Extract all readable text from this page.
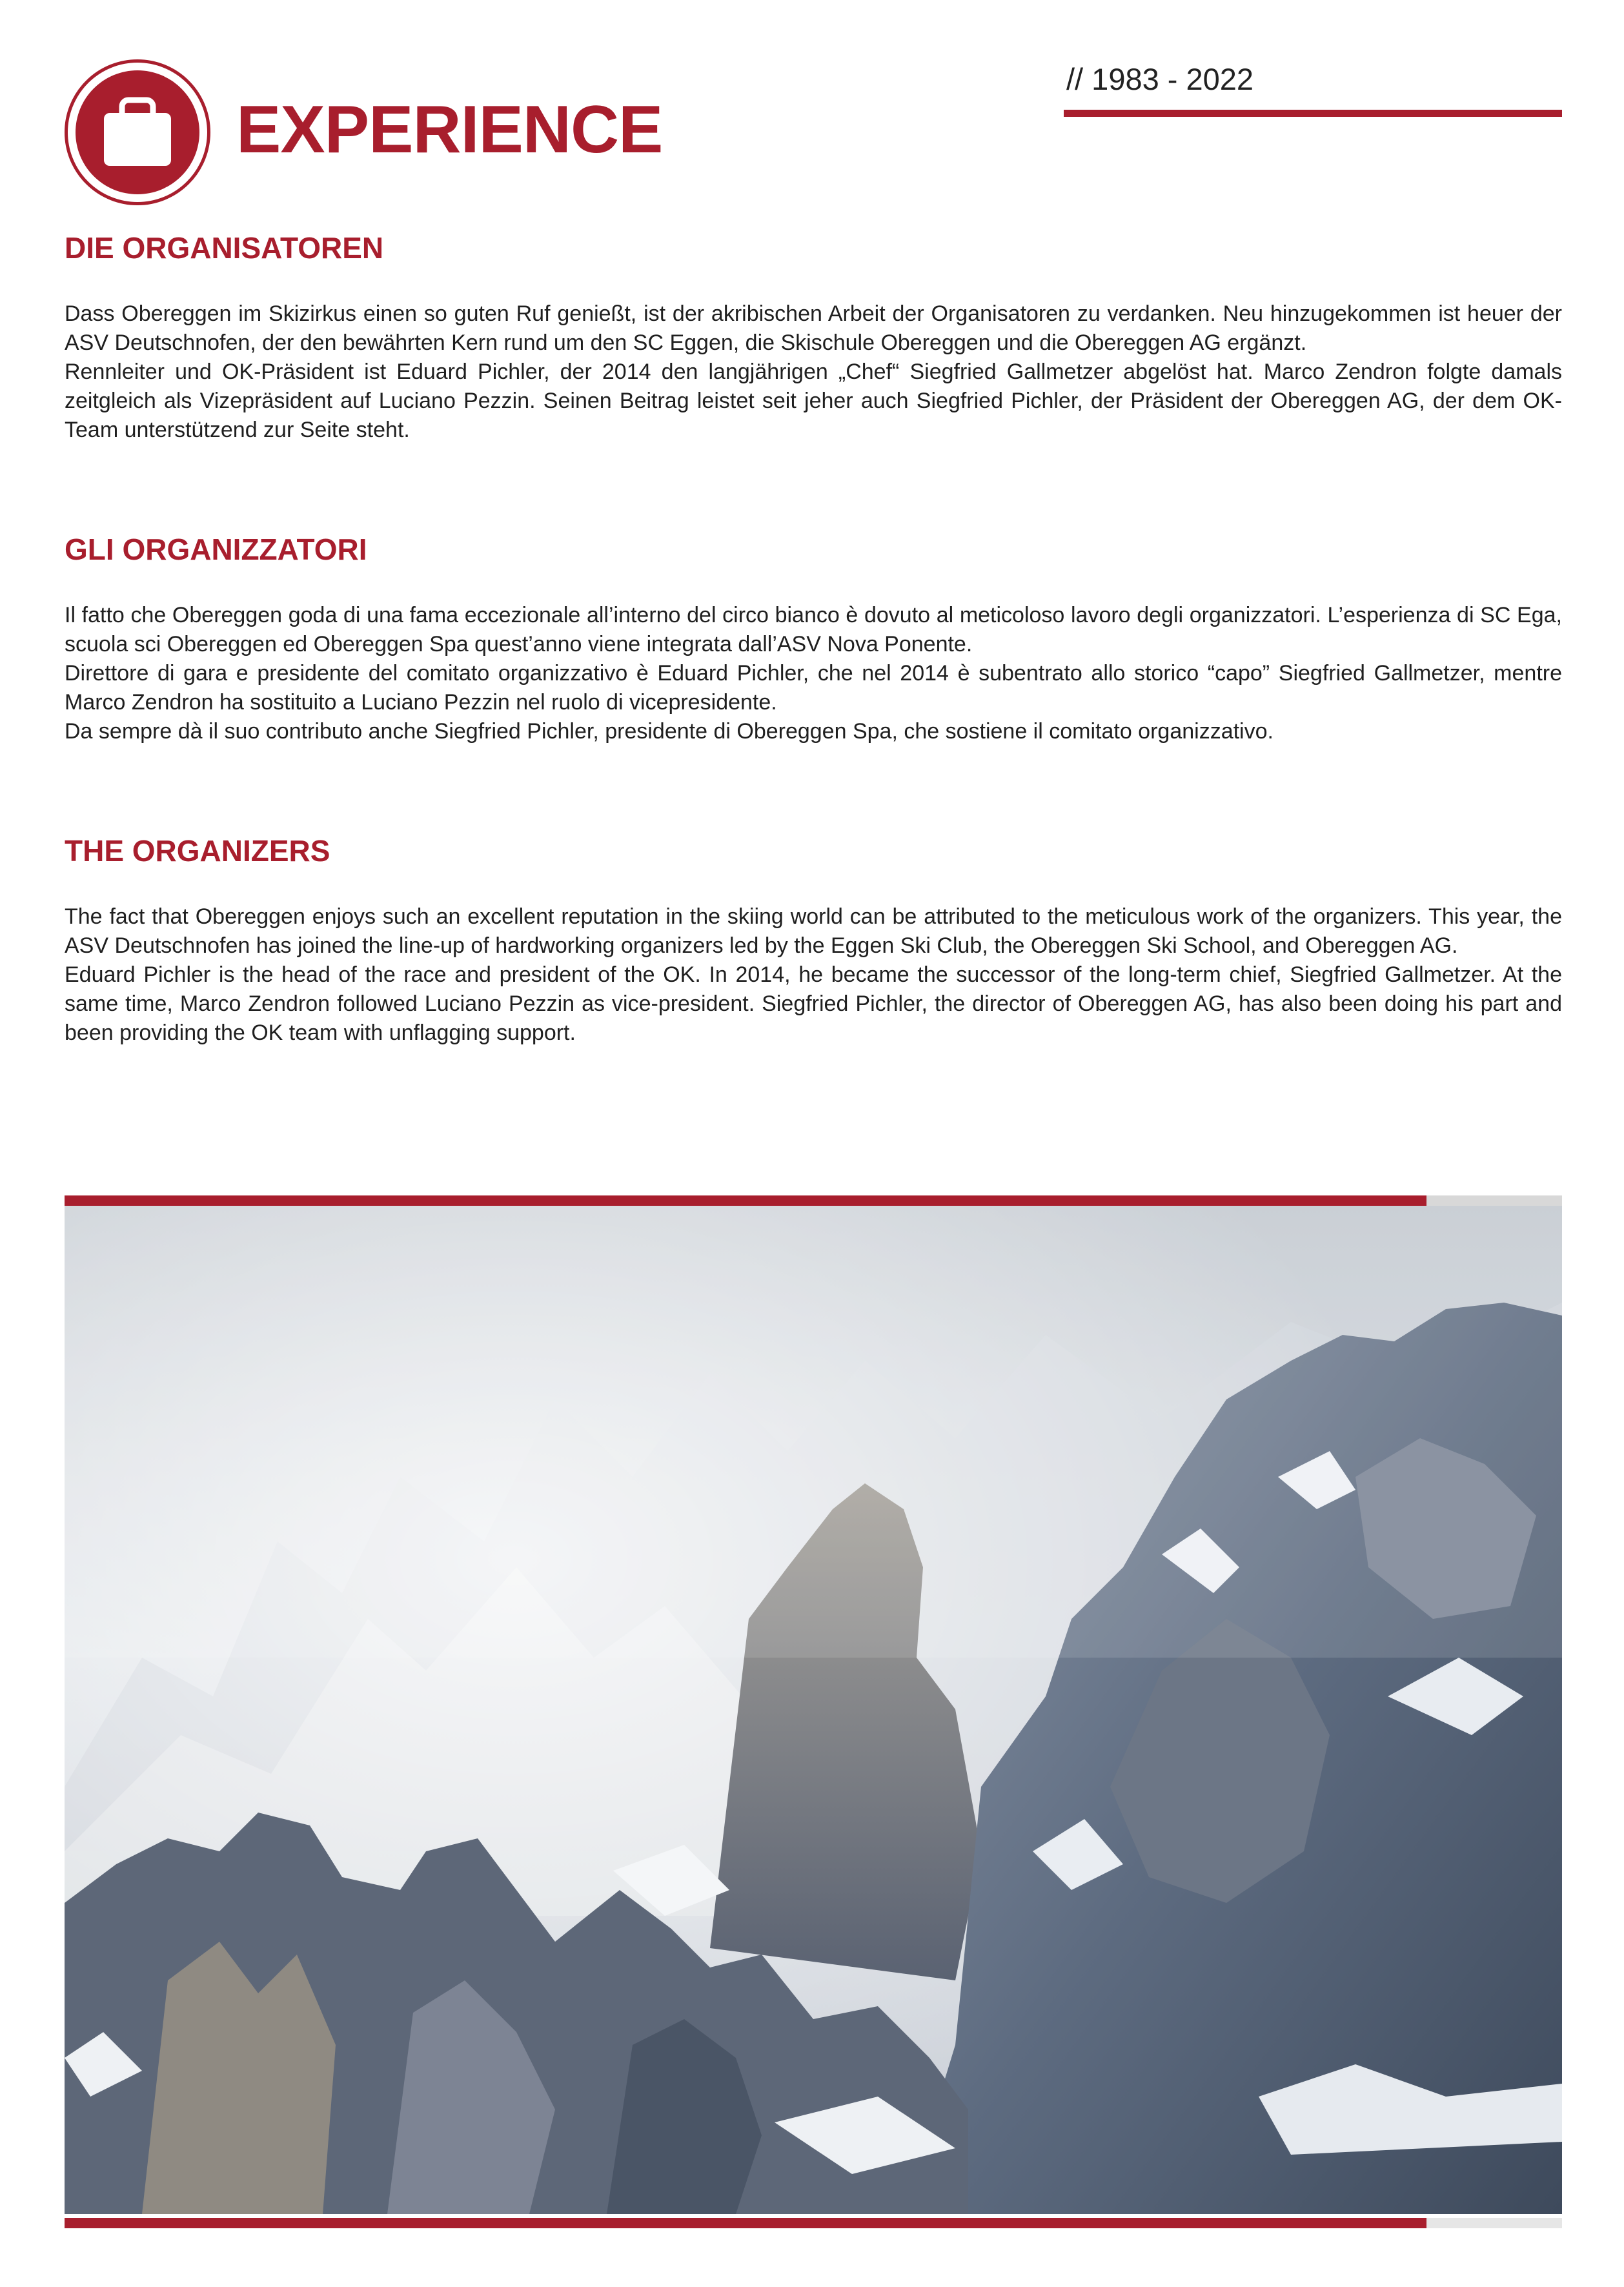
EXPERIENCE
// 1983 - 2022
DIE ORGANISATOREN

Dass Obereggen im Skizirkus einen so guten Ruf genießt, ist der akribischen Arbeit der Organisatoren zu verdanken. Neu hinzugekommen ist heuer der ASV Deutschnofen, der den bewährten Kern rund um den SC Eggen, die Skischule Obereggen und die Obereggen AG ergänzt.

Rennleiter und OK-Präsident ist Eduard Pichler, der 2014 den langjährigen „Chef“ Siegfried Gallmetzer abgelöst hat. Marco Zendron folgte damals zeitgleich als Vizepräsident auf Luciano Pezzin. Seinen Beitrag leistet seit jeher auch Siegfried Pichler, der Präsident der Obereggen AG, der dem OK-Team unterstützend zur Seite steht.

GLI ORGANIZZATORI

Il fatto che Obereggen goda di una fama eccezionale all’interno del circo bianco è dovuto al meticoloso lavoro degli organizzatori. L’esperienza di SC Ega, scuola sci Obereggen ed Obereggen Spa quest’anno viene integrata dall’ASV Nova Ponente.

Direttore di gara e presidente del comitato organizzativo è Eduard Pichler, che nel 2014 è subentrato allo storico “capo” Siegfried Gallmetzer, mentre Marco Zendron ha sostituito a Luciano Pezzin nel ruolo di vicepresidente.

Da sempre dà il suo contributo anche Siegfried Pichler, presidente di Obereggen Spa, che sostiene il comitato organizzativo.

THE ORGANIZERS

The fact that Obereggen enjoys such an excellent reputation in the skiing world can be attributed to the meticulous work of the organizers. This year, the ASV Deutschnofen has joined the line-up of hardworking organizers led by the Eggen Ski Club, the Obereggen Ski School, and Obereggen AG.

Eduard Pichler is the head of the race and president of the OK. In 2014, he became the successor of the long-term chief, Siegfried Gallmetzer. At the same time, Marco Zendron followed Luciano Pezzin as vice-president. Siegfried Pichler, the director of Obereggen AG, has also been doing his part and been providing the OK team with unflagging support.
